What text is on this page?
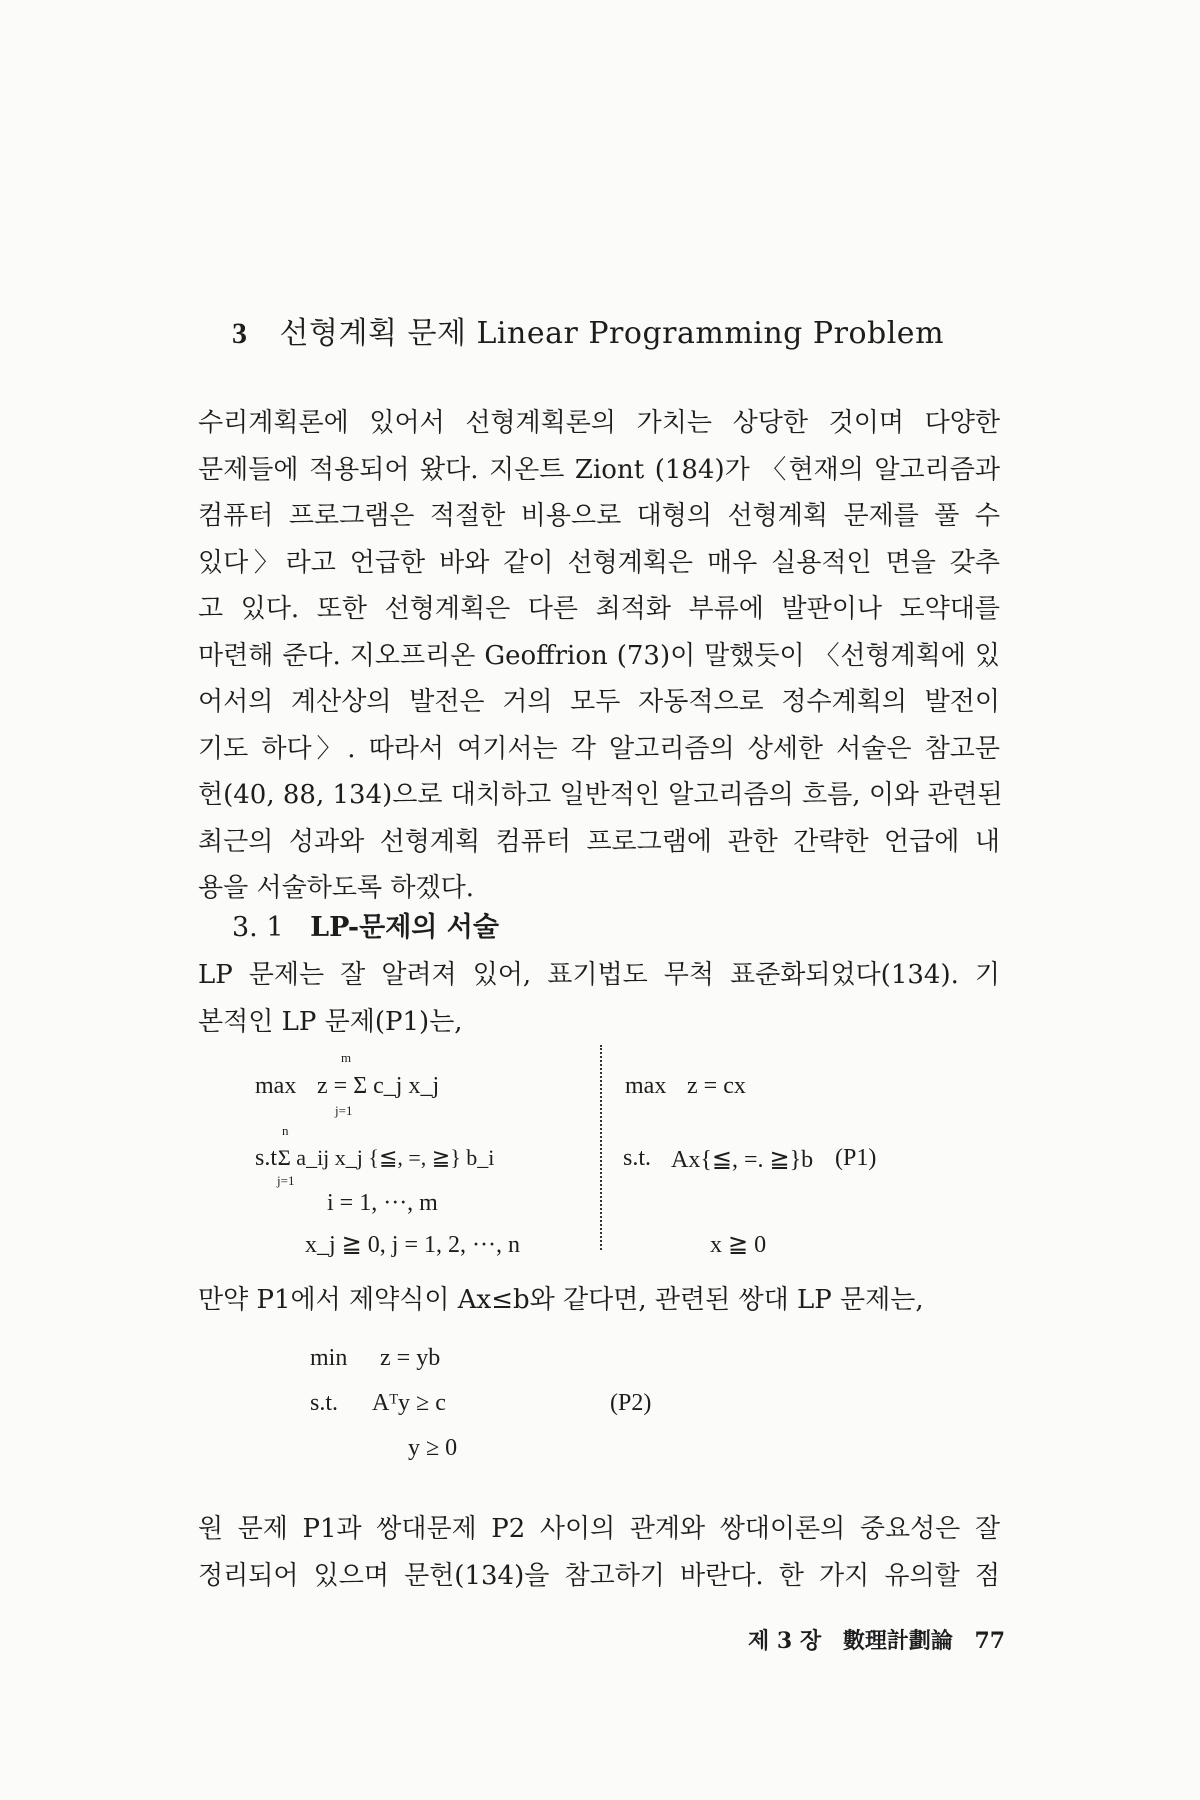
3 선형계획 문제 Linear Programming Problem
수리계획론에 있어서 선형계획론의 가치는 상당한 것이며 다양한
문제들에 적용되어 왔다. 지온트 Ziont (184)가 〈현재의 알고리즘과
컴퓨터 프로그램은 적절한 비용으로 대형의 선형계획 문제를 풀 수
있다〉라고 언급한 바와 같이 선형계획은 매우 실용적인 면을 갖추
고 있다. 또한 선형계획은 다른 최적화 부류에 발판이나 도약대를
마련해 준다. 지오프리온 Geoffrion (73)이 말했듯이 〈선형계획에 있
어서의 계산상의 발전은 거의 모두 자동적으로 정수계획의 발전이
기도 하다〉. 따라서 여기서는 각 알고리즘의 상세한 서술은 참고문
헌(40, 88, 134)으로 대치하고 일반적인 알고리즘의 흐름, 이와 관련된
최근의 성과와 선형계획 컴퓨터 프로그램에 관한 간략한 언급에 내
용을 서술하도록 하겠다.
3. 1 LP-문제의 서술
LP 문제는 잘 알려져 있어, 표기법도 무척 표준화되었다(134). 기
본적인 LP 문제(P1)는,
max
m
z = Σ c_j x_j
j=1
s.t.
n
Σ a_ij x_j {≦, =, ≧} b_i
j=1
i = 1, ···, m
x_j ≧ 0, j = 1, 2, ···, n
max z = cx
s.t. Ax{≦, =. ≧}b (P1)
x ≧ 0
만약 P1에서 제약식이 Ax≤b와 같다면, 관련된 쌍대 LP 문제는,
min z = yb
s.t. Aᵀy ≥ c	(P2)
y ≥ 0
원 문제 P1과 쌍대문제 P2 사이의 관계와 쌍대이론의 중요성은 잘
정리되어 있으며 문헌(134)을 참고하기 바란다. 한 가지 유의할 점
제 3 장 數理計劃論 77
